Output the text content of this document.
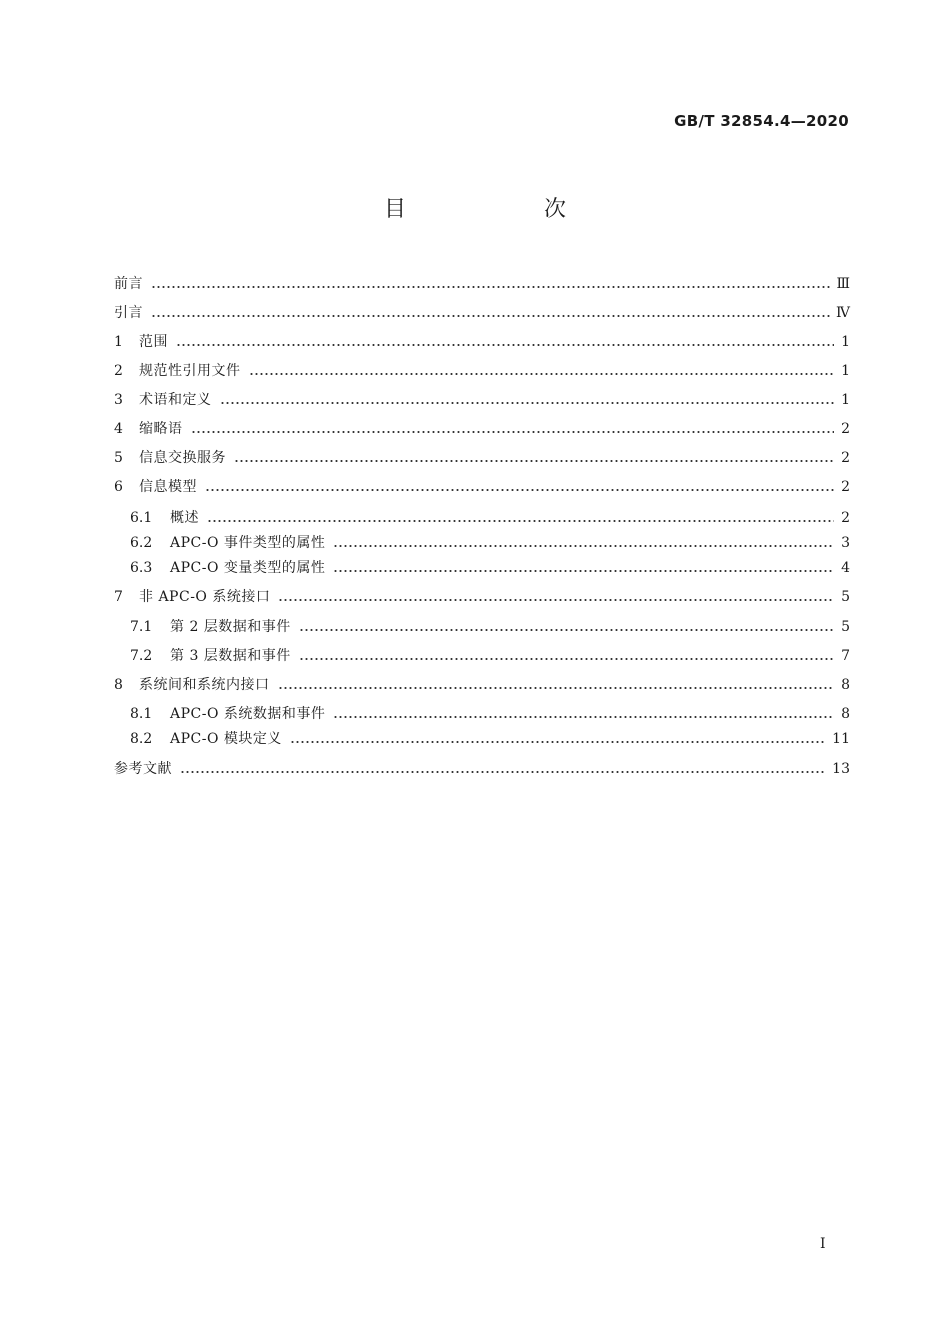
GB/T 32854.4—2020
目　次
前言	Ⅲ
引言	Ⅳ
1	范围	1
2	规范性引用文件	1
3	术语和定义	1
4	缩略语	2
5	信息交换服务	2
6	信息模型	2
6.1	概述	2
6.2	APC-O 事件类型的属性	3
6.3	APC-O 变量类型的属性	4
7	非 APC-O 系统接口	5
7.1	第 2 层数据和事件	5
7.2	第 3 层数据和事件	7
8	系统间和系统内接口	8
8.1	APC-O 系统数据和事件	8
8.2	APC-O 模块定义	11
参考文献	13
I
